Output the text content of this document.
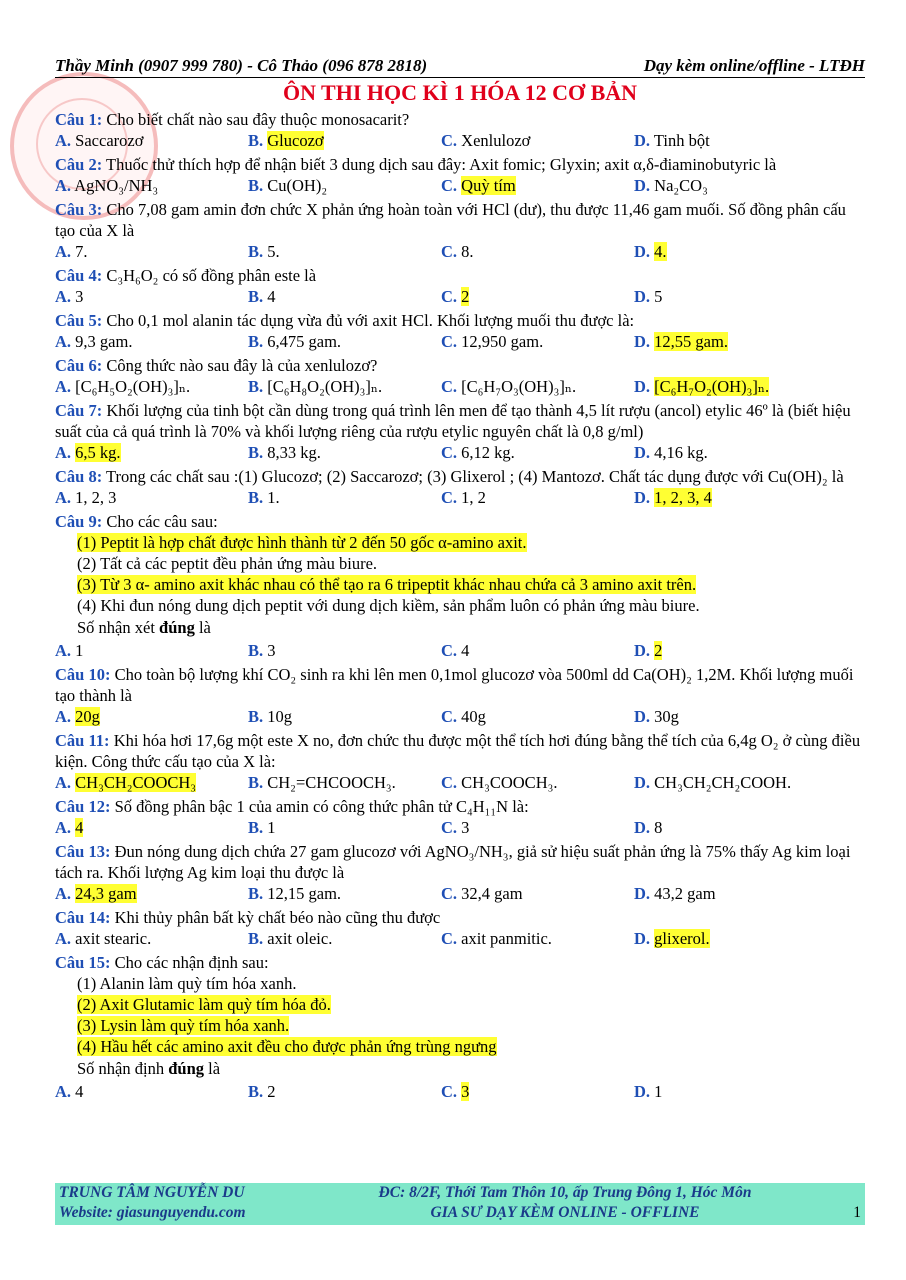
Thầy Minh (0907 999 780) - Cô Thảo (096 878 2818)	Dạy kèm online/offline - LTĐH
ÔN THI HỌC KÌ 1 HÓA 12 CƠ BẢN
Câu 1: Cho biết chất nào sau đây thuộc monosacarit?
A. Saccarozơ	B. Glucozơ	C. Xenlulozơ	D. Tinh bột
Câu 2: Thuốc thử thích hợp để nhận biết 3 dung dịch sau đây: Axit fomic; Glyxin; axit α,δ-điaminobutyric là
A. AgNO₃/NH₃	B. Cu(OH)₂	C. Quỳ tím	D. Na₂CO₃
Câu 3: Cho 7,08 gam amin đơn chức X phản ứng hoàn toàn với HCl (dư), thu được 11,46 gam muối. Số đồng phân cấu tạo của X là
A. 7.	B. 5.	C. 8.	D. 4.
Câu 4: C₃H₆O₂ có số đồng phân este là
A. 3	B. 4	C. 2	D. 5
Câu 5: Cho 0,1 mol alanin tác dụng vừa đủ với axit HCl. Khối lượng muối thu được là:
A. 9,3 gam.	B. 6,475 gam.	C. 12,950 gam.	D. 12,55 gam.
Câu 6: Công thức nào sau đây là của xenlulozơ?
A. [C₆H₅O₂(OH)₃]ₙ.	B. [C₆H₈O₂(OH)₃]ₙ.	C. [C₆H₇O₃(OH)₃]ₙ.	D. [C₆H₇O₂(OH)₃]ₙ.
Câu 7: Khối lượng của tinh bột cần dùng trong quá trình lên men để tạo thành 4,5 lít rượu (ancol) etylic 46º là (biết hiệu suất của cả quá trình là 70% và khối lượng riêng của rượu etylic nguyên chất là 0,8 g/ml)
A. 6,5 kg.	B. 8,33 kg.	C. 6,12 kg.	D. 4,16 kg.
Câu 8: Trong các chất sau :(1) Glucozơ; (2) Saccarozơ; (3) Glixerol ; (4) Mantozơ. Chất tác dụng được với Cu(OH)₂ là
A. 1, 2, 3	B. 1.	C. 1, 2	D. 1, 2, 3, 4
Câu 9: Cho các câu sau:
(1) Peptit là hợp chất được hình thành từ 2 đến 50 gốc α-amino axit.
(2) Tất cả các peptit đều phản ứng màu biure.
(3) Từ 3 α- amino axit khác nhau có thể tạo ra 6 tripeptit khác nhau chứa cả 3 amino axit trên.
(4) Khi đun nóng dung dịch peptit với dung dịch kiềm, sản phẩm luôn có phản ứng màu biure.
Số nhận xét đúng là
A. 1	B. 3	C. 4	D. 2
Câu 10: Cho toàn bộ lượng khí CO₂ sinh ra khi lên men 0,1mol glucozơ vòa 500ml dd Ca(OH)₂ 1,2M. Khối lượng muối tạo thành là
A. 20g	B. 10g	C. 40g	D. 30g
Câu 11: Khi hóa hơi 17,6g một este X no, đơn chức thu được một thể tích hơi đúng bằng thể tích của 6,4g O₂ ở cùng điều kiện. Công thức cấu tạo của X là:
A. CH₃CH₂COOCH₃	B. CH₂=CHCOOCH₃.	C. CH₃COOCH₃.	D. CH₃CH₂CH₂COOH.
Câu 12: Số đồng phân bậc 1 của amin có công thức phân tử C₄H₁₁N là:
A. 4	B. 1	C. 3	D. 8
Câu 13: Đun nóng dung dịch chứa 27 gam glucozơ với AgNO₃/NH₃, giả sử hiệu suất phản ứng là 75% thấy Ag kim loại tách ra. Khối lượng Ag kim loại thu được là
A. 24,3 gam	B. 12,15 gam.	C. 32,4 gam	D. 43,2 gam
Câu 14: Khi thủy phân bất kỳ chất béo nào cũng thu được
A. axit stearic.	B. axit oleic.	C. axit panmitic.	D. glixerol.
Câu 15: Cho các nhận định sau:
(1) Alanin làm quỳ tím hóa xanh.
(2) Axit Glutamic làm quỳ tím hóa đỏ.
(3) Lysin làm quỳ tím hóa xanh.
(4) Hầu hết các amino axit đều cho được phản ứng trùng ngưng
Số nhận định đúng là
A. 4	B. 2	C. 3	D. 1
TRUNG TÂM NGUYỄN DU	ĐC: 8/2F, Thới Tam Thôn 10, ấp Trung Đông 1, Hóc Môn
Website: giasunguyendu.com	GIA SƯ DẠY KÈM ONLINE - OFFLINE	1
